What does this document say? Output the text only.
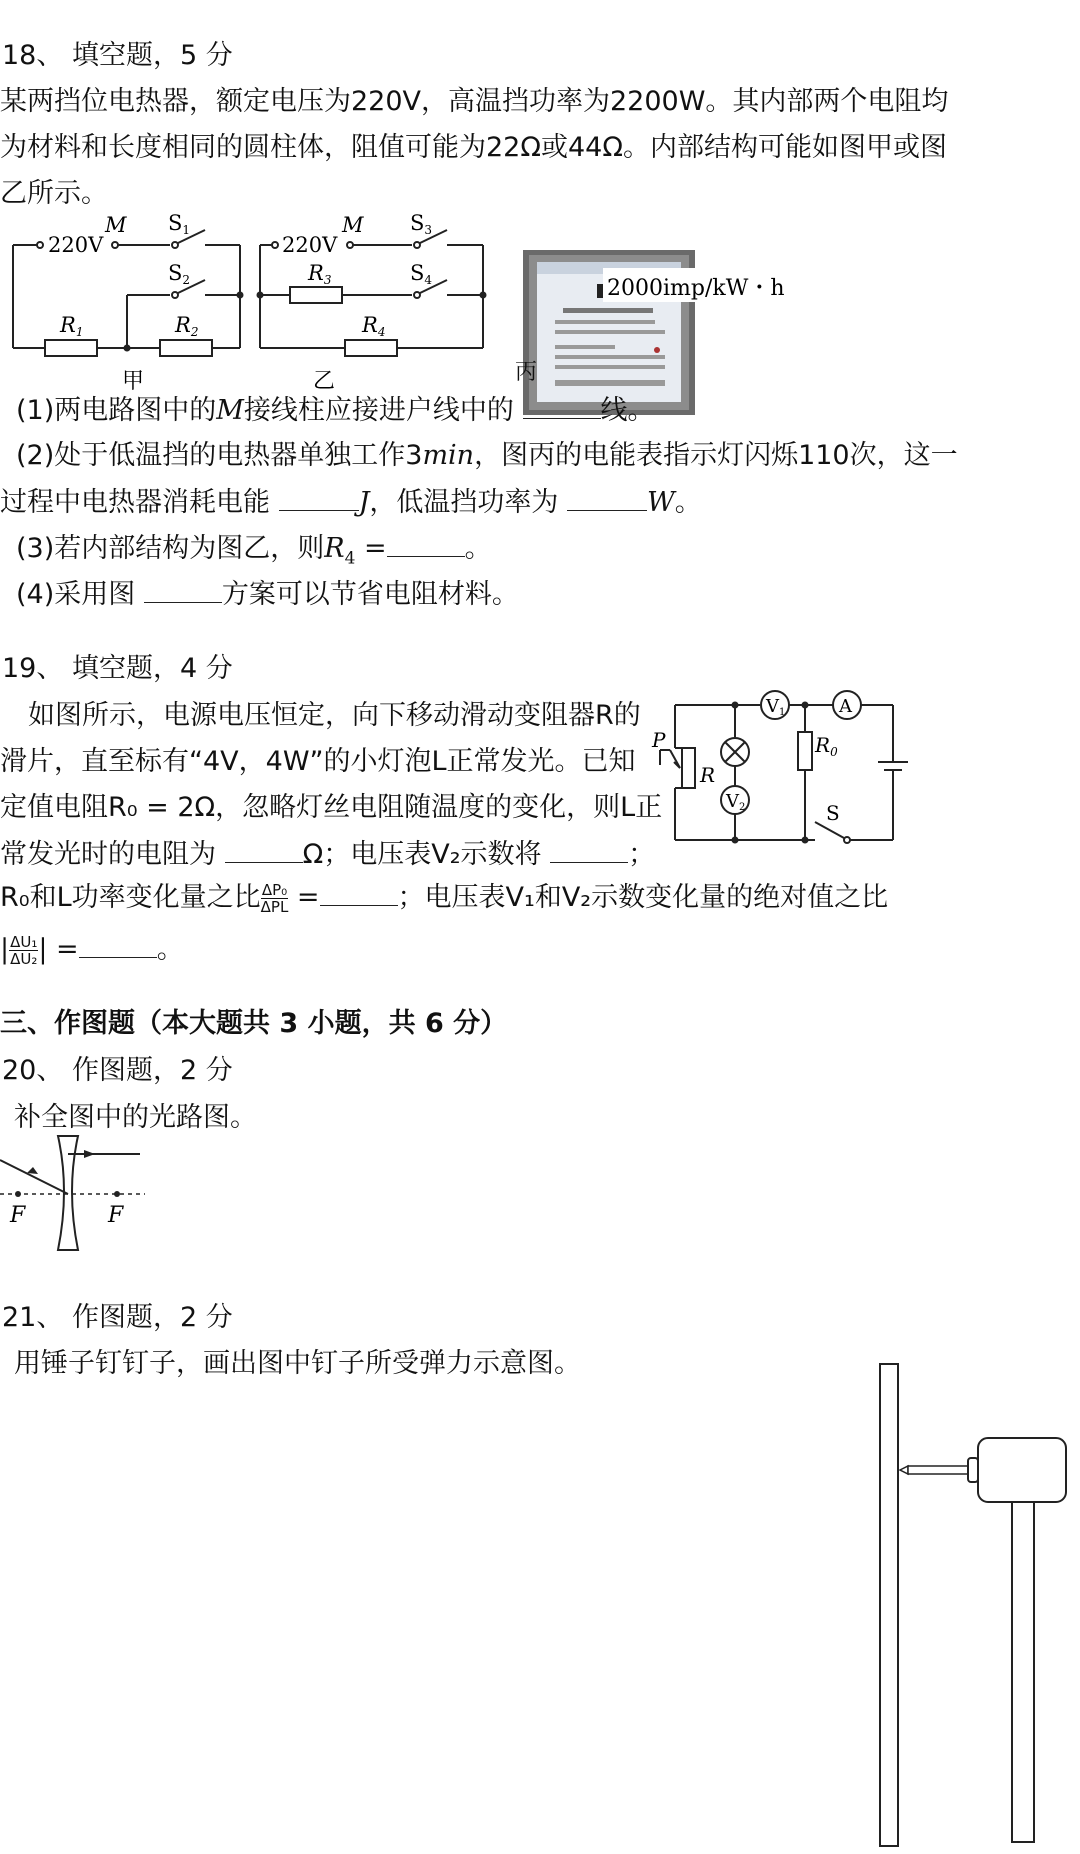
18、 填空题，5 分
某两挡位电热器，额定电压为220V，高温挡功率为2200W。其内部两个电阻均
为材料和长度相同的圆柱体，阻值可能为22Ω或44Ω。内部结构可能如图甲或图
乙所示。
220V
M S1
S2
R1	R2
甲
220V
M S3
S4
R3
R4
乙
2000imp/kW・h
丙
(1)两电路图中的M接线柱应接进户线中的	线。
(2)处于低温挡的电热器单独工作3min，图丙的电能表指示灯闪烁110次，这一
过程中电热器消耗电能	J，低温挡功率为	W。
(3)若内部结构为图乙，则$R_4$ =	。
(4)采用图	方案可以节省电阻材料。
19、 填空题，4 分
如图所示，电源电压恒定，向下移动滑动变阻器R的
滑片，直至标有“4V，4W”的小灯泡L正常发光。已知
定值电阻R₀ = 2Ω，忽略灯丝电阻随温度的变化，则L正
常发光时的电阻为	Ω；电压表V₂示数将	；
R₀和L功率变化量之比 $\frac{\text{ΔP₀}}{\text{ΔPL}}$ =	；电压表V₁和V₂示数变化量的绝对值之比
| $\frac{\text{ΔU₁}}{\text{ΔU₂}}$ | =	。
V1	A
V2
P
R
$R_0$
S
三、作图题（本大题共 3 小题，共 6 分）
20、 作图题，2 分
补全图中的光路图。
F	F
21、 作图题，2 分
用锤子钉钉子，画出图中钉子所受弹力示意图。
